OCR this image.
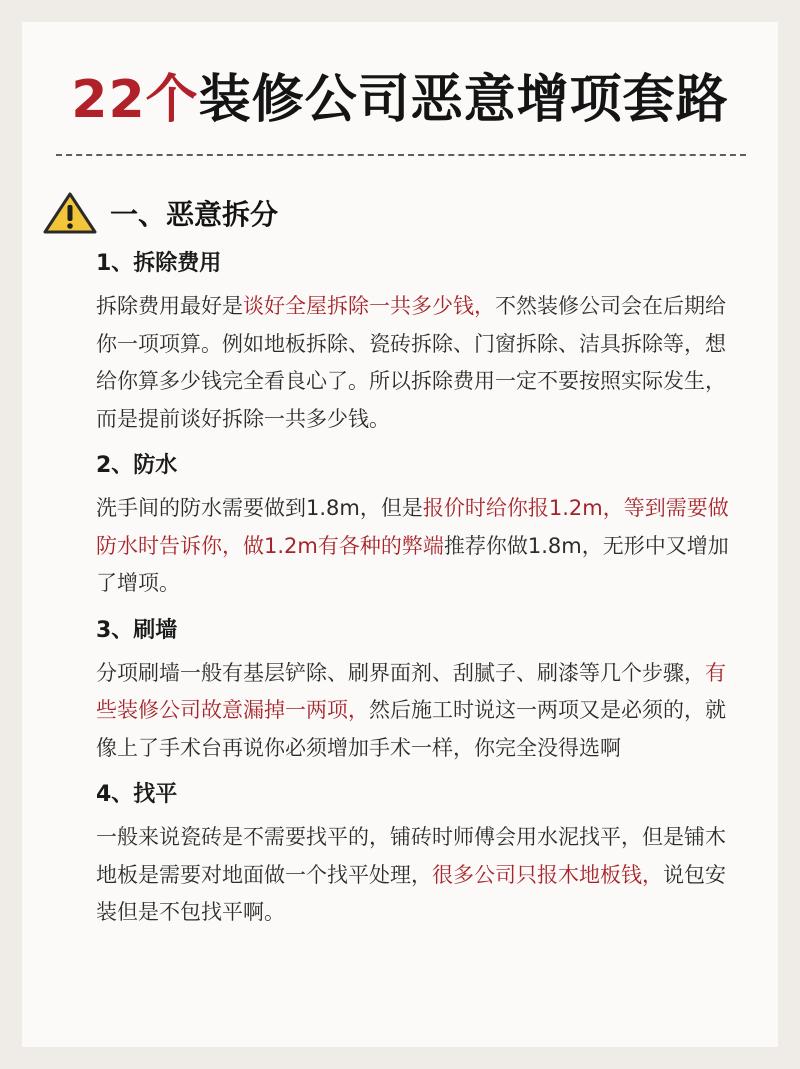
22个装修公司恶意增项套路
一、恶意拆分
1、拆除费用

拆除费用最好是谈好全屋拆除一共多少钱，不然装修公司会在后期给你一项项算。例如地板拆除、瓷砖拆除、门窗拆除、洁具拆除等，想给你算多少钱完全看良心了。所以拆除费用一定不要按照实际发生，而是提前谈好拆除一共多少钱。

2、防水

洗手间的防水需要做到1.8m，但是报价时给你报1.2m，等到需要做防水时告诉你，做1.2m有各种的弊端推荐你做1.8m，无形中又增加了增项。

3、刷墙

分项刷墙一般有基层铲除、刷界面剂、刮腻子、刷漆等几个步骤，有些装修公司故意漏掉一两项，然后施工时说这一两项又是必须的，就像上了手术台再说你必须增加手术一样，你完全没得选啊

4、找平

一般来说瓷砖是不需要找平的，铺砖时师傅会用水泥找平，但是铺木地板是需要对地面做一个找平处理，很多公司只报木地板钱，说包安装但是不包找平啊。
